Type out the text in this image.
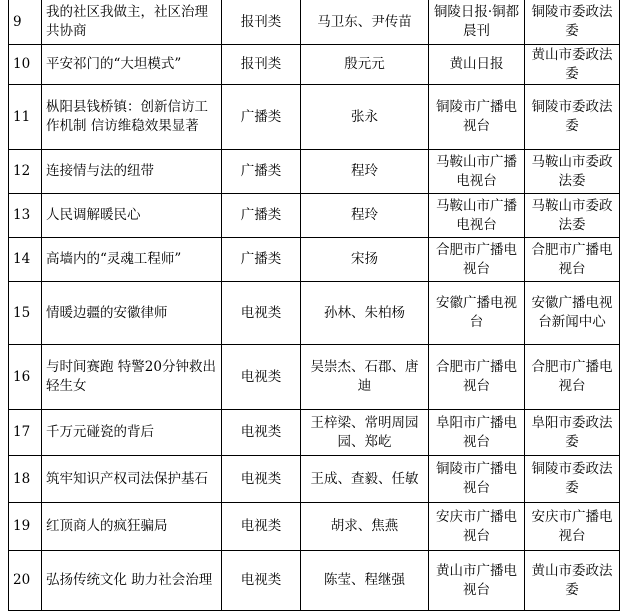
9	我的社区我做主，社区治理共协商	报刊类	马卫东、尹传苗	铜陵日报·铜都晨刊	铜陵市委政法委
10	平安祁门的“大坦模式”	报刊类	殷元元	黄山日报	黄山市委政法委
11	枞阳县钱桥镇：创新信访工作机制 信访维稳效果显著	广播类	张永	铜陵市广播电视台	铜陵市委政法委
12	连接情与法的纽带	广播类	程玲	马鞍山市广播电视台	马鞍山市委政法委
13	人民调解暖民心	广播类	程玲	马鞍山市广播电视台	马鞍山市委政法委
14	高墙内的“灵魂工程师”	广播类	宋扬	合肥市广播电视台	合肥市广播电视台
15	情暖边疆的安徽律师	电视类	孙林、朱柏杨	安徽广播电视台	安徽广播电视台新闻中心
16	与时间赛跑 特警20分钟救出轻生女	电视类	吴崇杰、石郡、唐迪	合肥市广播电视台	合肥市广播电视台
17	千万元碰瓷的背后	电视类	王梓梁、常明周园园、郑屹	阜阳市广播电视台	阜阳市委政法委
18	筑牢知识产权司法保护基石	电视类	王成、查毅、任敏	铜陵市广播电视台	铜陵市委政法委
19	红顶商人的疯狂骗局	电视类	胡求、焦燕	安庆市广播电视台	安庆市广播电视台
20	弘扬传统文化 助力社会治理	电视类	陈莹、程继强	黄山市广播电视台	黄山市委政法委
